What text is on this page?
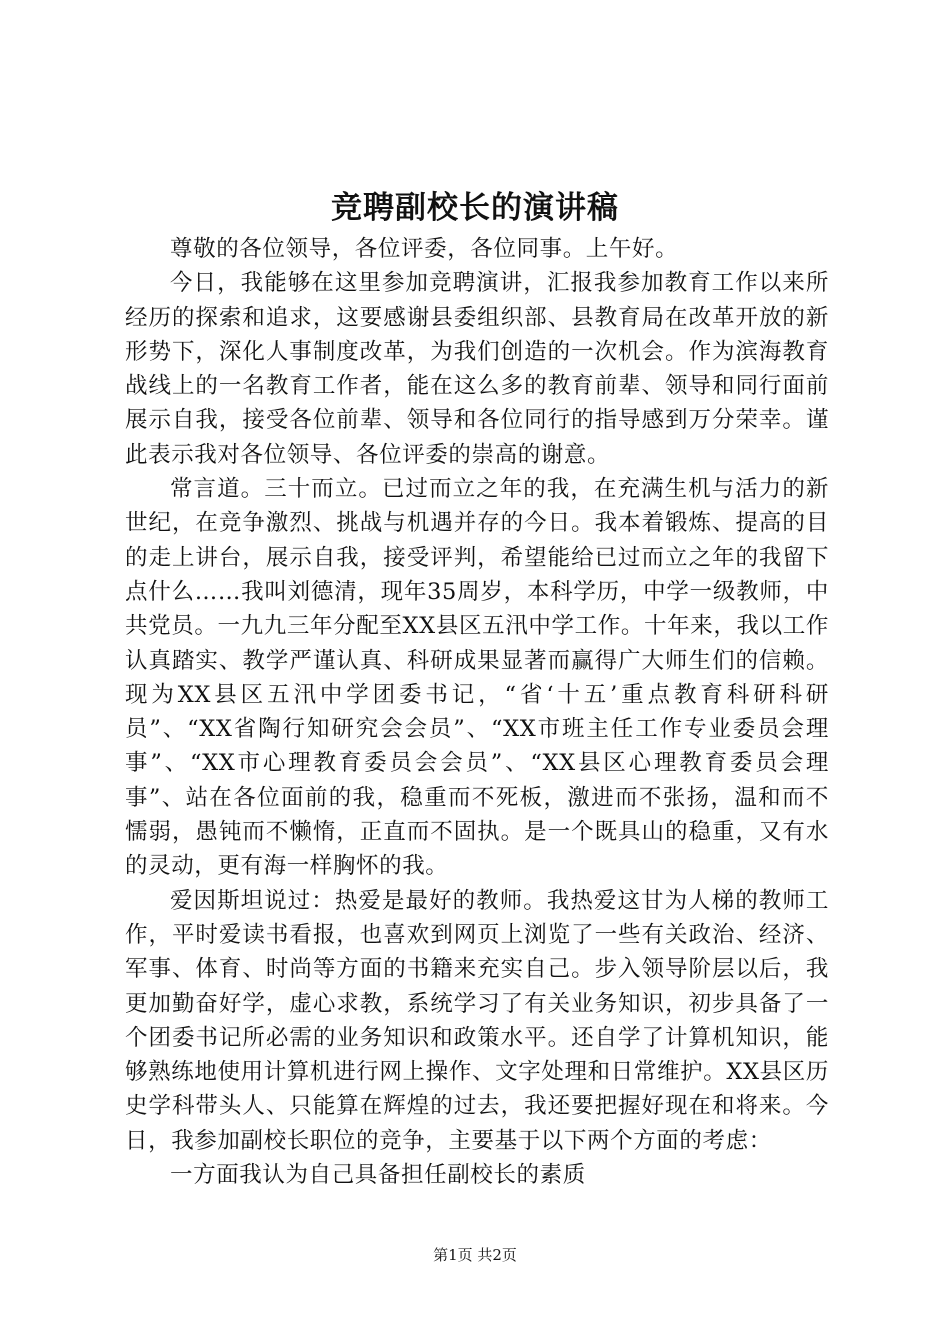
竞聘副校长的演讲稿

尊敬的各位领导，各位评委，各位同事。上午好。

今日，我能够在这里参加竞聘演讲，汇报我参加教育工作以来所经历的探索和追求，这要感谢县委组织部、县教育局在改革开放的新形势下，深化人事制度改革，为我们创造的一次机会。作为滨海教育战线上的一名教育工作者，能在这么多的教育前辈、领导和同行面前展示自我，接受各位前辈、领导和各位同行的指导感到万分荣幸。谨此表示我对各位领导、各位评委的崇高的谢意。

常言道。三十而立。已过而立之年的我，在充满生机与活力的新世纪，在竞争激烈、挑战与机遇并存的今日。我本着锻炼、提高的目的走上讲台，展示自我，接受评判，希望能给已过而立之年的我留下点什么……我叫刘德清，现年35周岁，本科学历，中学一级教师，中共党员。一九九三年分配至XX县区五汛中学工作。十年来，我以工作认真踏实、教学严谨认真、科研成果显著而赢得广大师生们的信赖。现为XX县区五汛中学团委书记，“省‘十五’重点教育科研科研员”、“XX省陶行知研究会会员”、“XX市班主任工作专业委员会理事”、“XX市心理教育委员会会员”、“XX县区心理教育委员会理事”、站在各位面前的我，稳重而不死板，激进而不张扬，温和而不懦弱，愚钝而不懒惰，正直而不固执。是一个既具山的稳重，又有水的灵动，更有海一样胸怀的我。

爱因斯坦说过：热爱是最好的教师。我热爱这甘为人梯的教师工作，平时爱读书看报，也喜欢到网页上浏览了一些有关政治、经济、军事、体育、时尚等方面的书籍来充实自己。步入领导阶层以后，我更加勤奋好学，虚心求教，系统学习了有关业务知识，初步具备了一个团委书记所必需的业务知识和政策水平。还自学了计算机知识，能够熟练地使用计算机进行网上操作、文字处理和日常维护。XX县区历史学科带头人、只能算在辉煌的过去，我还要把握好现在和将来。今日，我参加副校长职位的竞争，主要基于以下两个方面的考虑：

一方面我认为自己具备担任副校长的素质

第1页 共2页
